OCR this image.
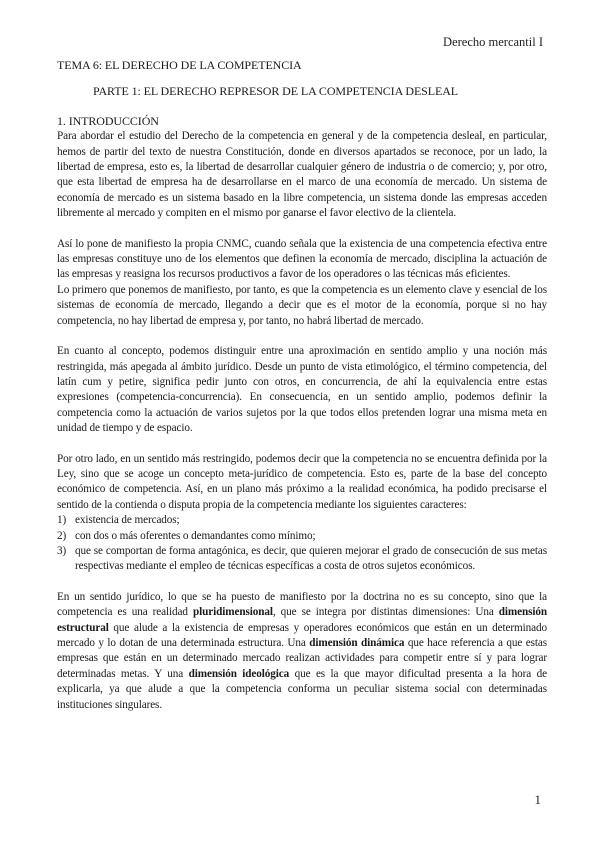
Derecho mercantil I
TEMA 6: EL DERECHO DE LA COMPETENCIA
PARTE 1: EL DERECHO REPRESOR DE LA COMPETENCIA DESLEAL
1. INTRODUCCIÓN

Para abordar el estudio del Derecho de la competencia en general y de la competencia desleal, en particular, hemos de partir del texto de nuestra Constitución, donde en diversos apartados se reconoce, por un lado, la libertad de empresa, esto es, la libertad de desarrollar cualquier género de industria o de comercio; y, por otro, que esta libertad de empresa ha de desarrollarse en el marco de una economía de mercado. Un sistema de economía de mercado es un sistema basado en la libre competencia, un sistema donde las empresas acceden libremente al mercado y compiten en el mismo por ganarse el favor electivo de la clientela.

Así lo pone de manifiesto la propia CNMC, cuando señala que la existencia de una competencia efectiva entre las empresas constituye uno de los elementos que definen la economía de mercado, disciplina la actuación de las empresas y reasigna los recursos productivos a favor de los operadores o las técnicas más eficientes.

Lo primero que ponemos de manifiesto, por tanto, es que la competencia es un elemento clave y esencial de los sistemas de economía de mercado, llegando a decir que es el motor de la economía, porque si no hay competencia, no hay libertad de empresa y, por tanto, no habrá libertad de mercado.

En cuanto al concepto, podemos distinguir entre una aproximación en sentido amplio y una noción más restringida, más apegada al ámbito jurídico. Desde un punto de vista etimológico, el término competencia, del latín cum y petire, significa pedir junto con otros, en concurrencia, de ahí la equivalencia entre estas expresiones (competencia-concurrencia). En consecuencia, en un sentido amplio, podemos definir la competencia como la actuación de varios sujetos por la que todos ellos pretenden lograr una misma meta en unidad de tiempo y de espacio.

Por otro lado, en un sentido más restringido, podemos decir que la competencia no se encuentra definida por la Ley, sino que se acoge un concepto meta-jurídico de competencia. Esto es, parte de la base del concepto económico de competencia. Así, en un plano más próximo a la realidad económica, ha podido precisarse el sentido de la contienda o disputa propia de la competencia mediante los siguientes caracteres:

1) existencia de mercados;
2) con dos o más oferentes o demandantes como mínimo;
3) que se comportan de forma antagónica, es decir, que quieren mejorar el grado de consecución de sus metas respectivas mediante el empleo de técnicas específicas a costa de otros sujetos económicos.

En un sentido jurídico, lo que se ha puesto de manifiesto por la doctrina no es su concepto, sino que la competencia es una realidad pluridimensional, que se integra por distintas dimensiones: Una dimensión estructural que alude a la existencia de empresas y operadores económicos que están en un determinado mercado y lo dotan de una determinada estructura. Una dimensión dinámica que hace referencia a que estas empresas que están en un determinado mercado realizan actividades para competir entre sí y para lograr determinadas metas. Y una dimensión ideológica que es la que mayor dificultad presenta a la hora de explicarla, ya que alude a que la competencia conforma un peculiar sistema social con determinadas instituciones singulares.

1
